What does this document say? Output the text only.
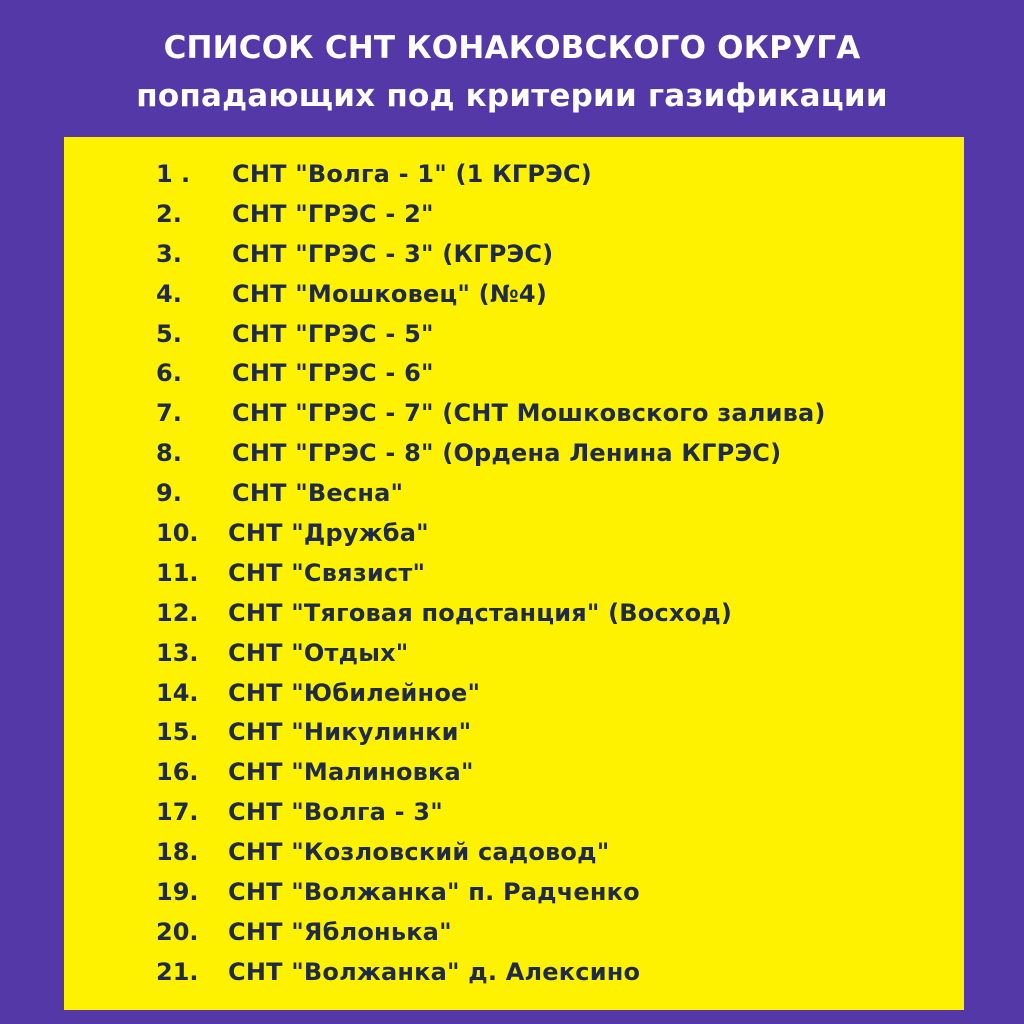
СПИСОК СНТ КОНАКОВСКОГО ОКРУГА
попадающих под критерии газификации
1 . СНТ "Волга - 1" (1 КГРЭС)
2. СНТ "ГРЭС - 2"
3. СНТ "ГРЭС - 3" (КГРЭС)
4. СНТ "Мошковец" (№4)
5. СНТ "ГРЭС - 5"
6. СНТ "ГРЭС - 6"
7. СНТ "ГРЭС - 7" (СНТ Мошковского залива)
8. СНТ "ГРЭС - 8" (Ордена Ленина КГРЭС)
9. СНТ "Весна"
10. СНТ "Дружба"
11. СНТ "Связист"
12. СНТ "Тяговая подстанция" (Восход)
13. СНТ "Отдых"
14. СНТ "Юбилейное"
15. СНТ "Никулинки"
16. СНТ "Малиновка"
17. СНТ "Волга - 3"
18. СНТ "Козловский садовод"
19. СНТ "Волжанка" п. Радченко
20. СНТ "Яблонька"
21. СНТ "Волжанка" д. Алексино
